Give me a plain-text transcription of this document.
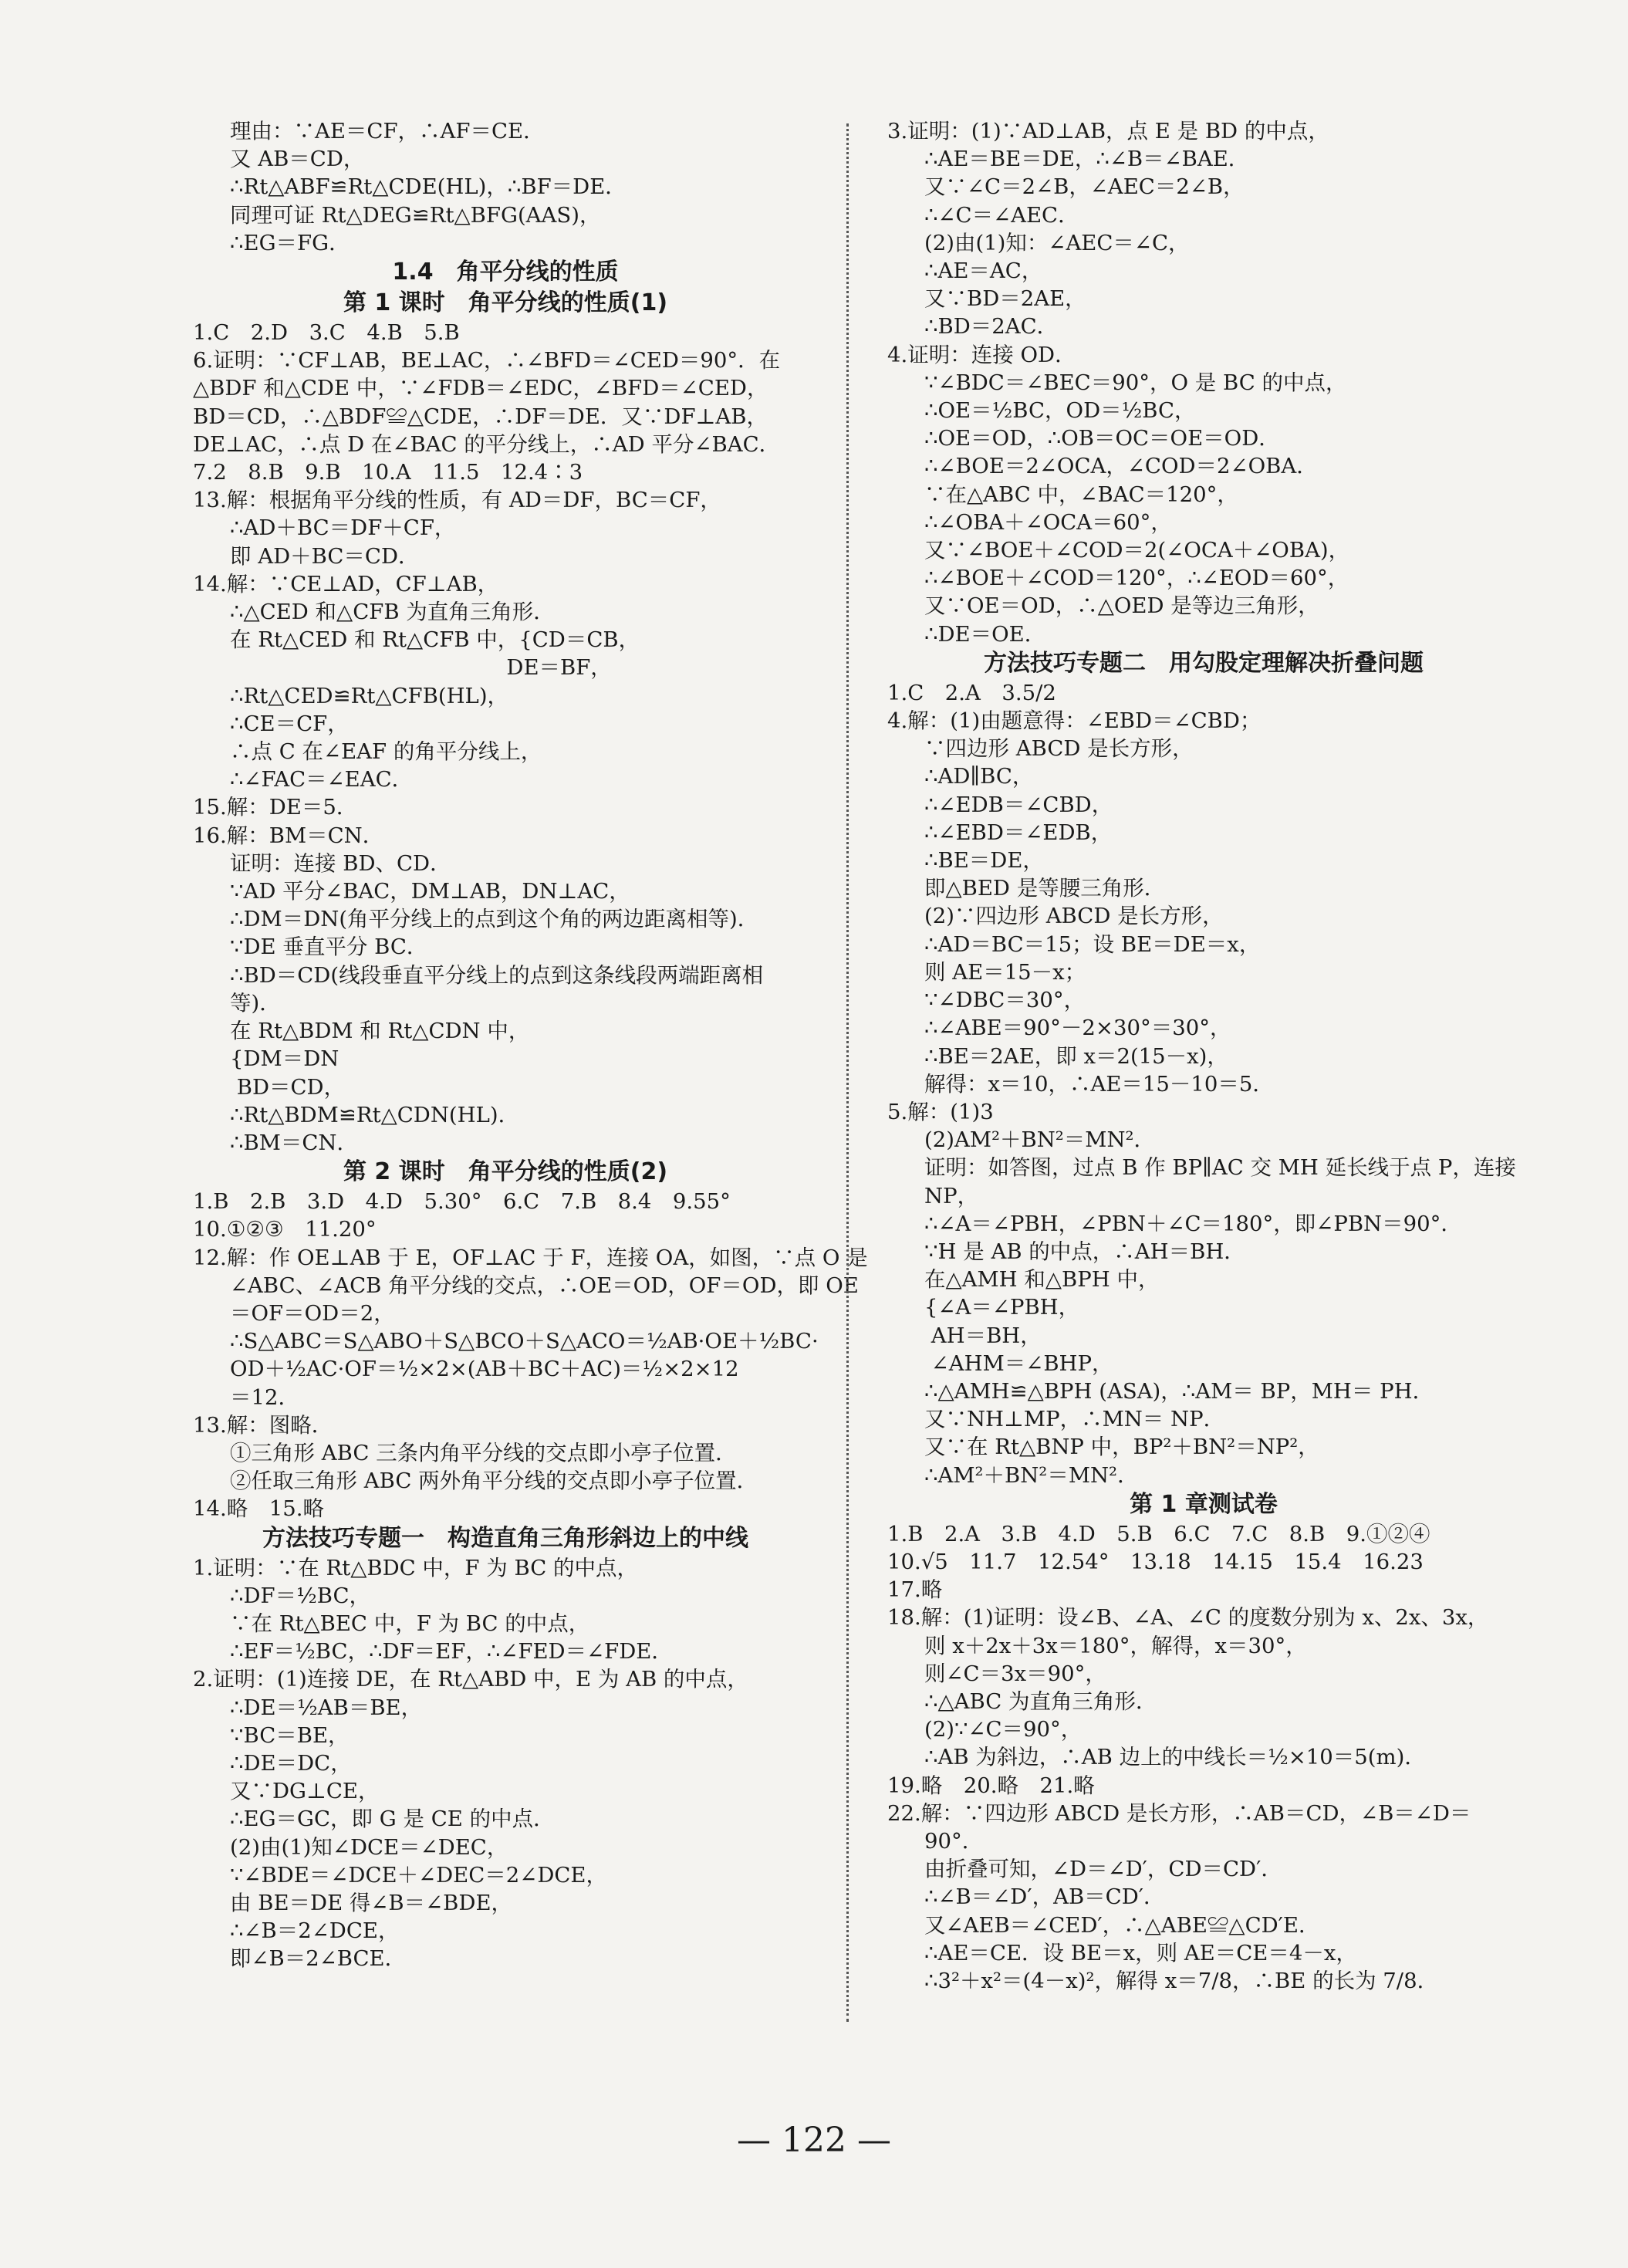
理由：∵AE＝CF，∴AF＝CE．
又 AB＝CD，
∴Rt△ABF≌Rt△CDE(HL)，∴BF＝DE．
同理可证 Rt△DEG≌Rt△BFG(AAS)，
∴EG＝FG．
1.4　角平分线的性质
第 1 课时　角平分线的性质(1)
1.C　2.D　3.C　4.B　5.B
6.证明：∵CF⊥AB，BE⊥AC，∴∠BFD＝∠CED＝90°．在
△BDF 和△CDE 中，∵∠FDB＝∠EDC，∠BFD＝∠CED，
BD＝CD，∴△BDF≌△CDE，∴DF＝DE．又∵DF⊥AB，
DE⊥AC，∴点 D 在∠BAC 的平分线上，∴AD 平分∠BAC．
7.2　8.B　9.B　10.A　11.5　12.4∶3
13.解：根据角平分线的性质，有 AD＝DF，BC＝CF，
∴AD＋BC＝DF＋CF，
即 AD＋BC＝CD．
14.解：∵CE⊥AD，CF⊥AB，
∴△CED 和△CFB 为直角三角形．
在 Rt△CED 和 Rt△CFB 中，{CD＝CB，
DE＝BF，
∴Rt△CED≌Rt△CFB(HL)，
∴CE＝CF，
∴点 C 在∠EAF 的角平分线上，
∴∠FAC＝∠EAC．
15.解：DE＝5．
16.解：BM＝CN．
证明：连接 BD、CD．
∵AD 平分∠BAC，DM⊥AB，DN⊥AC，
∴DM＝DN(角平分线上的点到这个角的两边距离相等)．
∵DE 垂直平分 BC．
∴BD＝CD(线段垂直平分线上的点到这条线段两端距离相
等)．
在 Rt△BDM 和 Rt△CDN 中，
{DM＝DN
BD＝CD，
∴Rt△BDM≌Rt△CDN(HL)．
∴BM＝CN．
第 2 课时　角平分线的性质(2)
1.B　2.B　3.D　4.D　5.30°　6.C　7.B　8.4　9.55°
10.①②③　11.20°
12.解：作 OE⊥AB 于 E，OF⊥AC 于 F，连接 OA，如图，∵点 O 是
∠ABC、∠ACB 角平分线的交点，∴OE＝OD，OF＝OD，即 OE
＝OF＝OD＝2，
∴S△ABC＝S△ABO＋S△BCO＋S△ACO＝½AB·OE＋½BC·
OD＋½AC·OF＝½×2×(AB＋BC＋AC)＝½×2×12
＝12．
13.解：图略．
①三角形 ABC 三条内角平分线的交点即小亭子位置．
②任取三角形 ABC 两外角平分线的交点即小亭子位置．
14.略　15.略
方法技巧专题一　构造直角三角形斜边上的中线
1.证明：∵在 Rt△BDC 中，F 为 BC 的中点，
∴DF＝½BC，
∵在 Rt△BEC 中，F 为 BC 的中点，
∴EF＝½BC，∴DF＝EF，∴∠FED＝∠FDE．
2.证明：(1)连接 DE，在 Rt△ABD 中，E 为 AB 的中点，
∴DE＝½AB＝BE，
∵BC＝BE，
∴DE＝DC，
又∵DG⊥CE，
∴EG＝GC，即 G 是 CE 的中点．
(2)由(1)知∠DCE＝∠DEC，
∵∠BDE＝∠DCE＋∠DEC＝2∠DCE，
由 BE＝DE 得∠B＝∠BDE，
∴∠B＝2∠DCE，
即∠B＝2∠BCE．
3.证明：(1)∵AD⊥AB，点 E 是 BD 的中点，
∴AE＝BE＝DE，∴∠B＝∠BAE．
又∵∠C＝2∠B，∠AEC＝2∠B，
∴∠C＝∠AEC．
(2)由(1)知：∠AEC＝∠C，
∴AE＝AC，
又∵BD＝2AE，
∴BD＝2AC．
4.证明：连接 OD．
∵∠BDC＝∠BEC＝90°，O 是 BC 的中点，
∴OE＝½BC，OD＝½BC，
∴OE＝OD，∴OB＝OC＝OE＝OD．
∴∠BOE＝2∠OCA，∠COD＝2∠OBA．
∵在△ABC 中，∠BAC＝120°，
∴∠OBA＋∠OCA＝60°，
又∵∠BOE＋∠COD＝2(∠OCA＋∠OBA)，
∴∠BOE＋∠COD＝120°，∴∠EOD＝60°，
又∵OE＝OD，∴△OED 是等边三角形，
∴DE＝OE．
方法技巧专题二　用勾股定理解决折叠问题
1.C　2.A　3.5/2
4.解：(1)由题意得：∠EBD＝∠CBD；
∵四边形 ABCD 是长方形，
∴AD∥BC，
∴∠EDB＝∠CBD，
∴∠EBD＝∠EDB，
∴BE＝DE，
即△BED 是等腰三角形．
(2)∵四边形 ABCD 是长方形，
∴AD＝BC＝15；设 BE＝DE＝x，
则 AE＝15－x；
∵∠DBC＝30°，
∴∠ABE＝90°－2×30°＝30°，
∴BE＝2AE，即 x＝2(15－x)，
解得：x＝10，∴AE＝15－10＝5．
5.解：(1)3
(2)AM²＋BN²＝MN²．
证明：如答图，过点 B 作 BP∥AC 交 MH 延长线于点 P，连接
NP，
∴∠A＝∠PBH，∠PBN＋∠C＝180°，即∠PBN＝90°．
∵H 是 AB 的中点，∴AH＝BH．
在△AMH 和△BPH 中，
{∠A＝∠PBH，
AH＝BH，
∠AHM＝∠BHP，
∴△AMH≌△BPH (ASA)，∴AM＝ BP，MH＝ PH．
又∵NH⊥MP，∴MN＝ NP．
又∵在 Rt△BNP 中，BP²＋BN²＝NP²，
∴AM²＋BN²＝MN²．
第 1 章测试卷
1.B　2.A　3.B　4.D　5.B　6.C　7.C　8.B　9.①②④
10.√5　11.7　12.54°　13.18　14.15　15.4　16.23
17.略
18.解：(1)证明：设∠B、∠A、∠C 的度数分别为 x、2x、3x，
则 x＋2x＋3x＝180°，解得，x＝30°，
则∠C＝3x＝90°，
∴△ABC 为直角三角形．
(2)∵∠C＝90°，
∴AB 为斜边，∴AB 边上的中线长＝½×10＝5(m)．
19.略　20.略　21.略
22.解：∵四边形 ABCD 是长方形，∴AB＝CD，∠B＝∠D＝
90°．
由折叠可知，∠D＝∠D′，CD＝CD′．
∴∠B＝∠D′，AB＝CD′．
又∠AEB＝∠CED′，∴△ABE≌△CD′E．
∴AE＝CE．设 BE＝x，则 AE＝CE＝4－x，
∴3²＋x²＝(4－x)²，解得 x＝7/8，∴BE 的长为 7/8．
— 122 —
